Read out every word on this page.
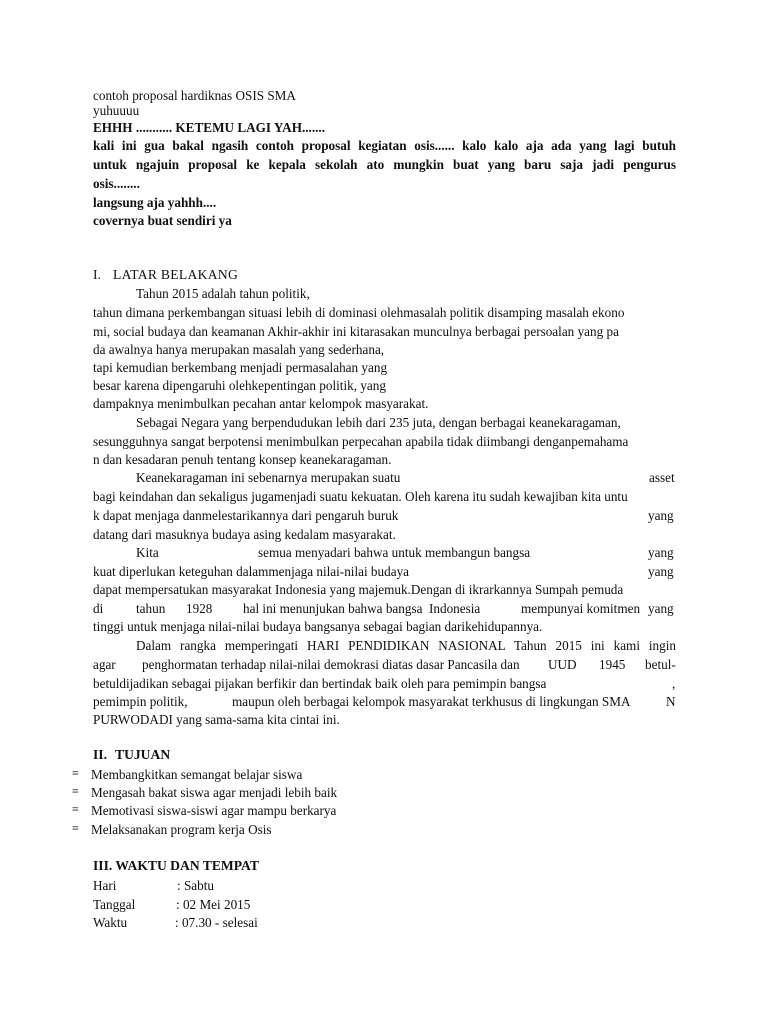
contoh proposal hardiknas OSIS SMA
yuhuuuu
EHHH ........... KETEMU LAGI YAH.......
kali ini gua bakal ngasih contoh proposal kegiatan osis...... kalo kalo aja ada yang lagi butuh
untuk ngajuin proposal ke kepala sekolah ato mungkin buat yang baru saja jadi pengurus
osis........
langsung aja yahhh....
covernya buat sendiri ya
I. LATAR BELAKANG
Tahun 2015 adalah tahun politik,
tahun dimana perkembangan situasi lebih di dominasi olehmasalah politik disamping masalah ekono
mi, social budaya dan keamanan Akhir-akhir ini kitarasakan munculnya berbagai persoalan yang pa
da awalnya hanya merupakan masalah yang sederhana,
tapi kemudian berkembang menjadi permasalahan yang
besar karena dipengaruhi olehkepentingan politik, yang
dampaknya menimbulkan pecahan antar kelompok masyarakat.
Sebagai Negara yang berpendudukan lebih dari 235 juta, dengan berbagai keanekaragaman,
sesungguhnya sangat berpotensi menimbulkan perpecahan apabila tidak diimbangi denganpemahama
n dan kesadaran penuh tentang konsep keanekaragaman.
Keanekaragaman ini sebenarnya merupakan suatu	asset
bagi keindahan dan sekaligus jugamenjadi suatu kekuatan. Oleh karena itu sudah kewajiban kita untu
k dapat menjaga danmelestarikannya dari pengaruh buruk	yang
datang dari masuknya budaya asing kedalam masyarakat.
Kita	semua menyadari bahwa untuk membangun bangsa	yang
kuat diperlukan keteguhan dalammenjaga nilai-nilai budaya	yang
dapat mempersatukan masyarakat Indonesia yang majemuk.Dengan di ikrarkannya Sumpah pemuda
di tahun 1928 hal ini menunjukan bahwa bangsa Indonesia	mempunyai komitmen yang
tinggi untuk menjaga nilai-nilai budaya bangsanya sebagai bagian darikehidupannya.
Dalam rangka memperingati HARI PENDIDIKAN NASIONAL Tahun 2015 ini kami ingin
agar penghormatan terhadap nilai-nilai demokrasi diatas dasar Pancasila dan UUD 1945 betul-
betuldijadikan sebagai pijakan berfikir dan bertindak baik oleh para pemimpin bangsa	,
pemimpin politik,	maupun oleh berbagai kelompok masyarakat terkhusus di lingkungan SMA	N
PURWODADI yang sama-sama kita cintai ini.
II. TUJUAN
≡ Membangkitkan semangat belajar siswa
≡ Mengasah bakat siswa agar menjadi lebih baik
≡ Memotivasi siswa-siswi agar mampu berkarya
≡ Melaksanakan program kerja Osis
III. WAKTU DAN TEMPAT
Hari	: Sabtu
Tanggal	: 02 Mei 2015
Waktu	: 07.30 - selesai
